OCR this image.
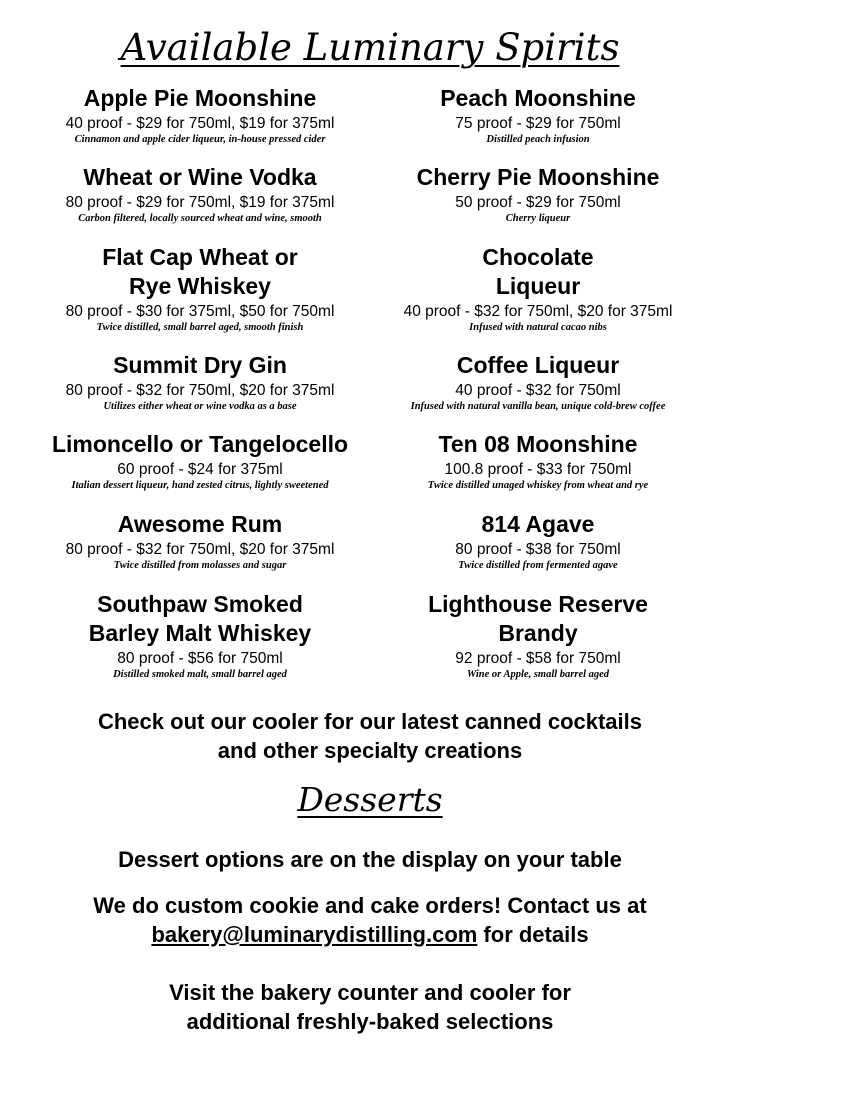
Available Luminary Spirits
Apple Pie Moonshine
40 proof - $29 for 750ml, $19 for 375ml
Cinnamon and apple cider liqueur, in-house pressed cider
Wheat or Wine Vodka
80 proof - $29 for 750ml, $19 for 375ml
Carbon filtered, locally sourced wheat and wine, smooth
Flat Cap Wheat or
Rye Whiskey
80 proof - $30 for 375ml, $50 for 750ml
Twice distilled, small barrel aged, smooth finish
Summit Dry Gin
80 proof - $32 for 750ml, $20 for 375ml
Utilizes either wheat or wine vodka as a base
Limoncello or Tangelocello
60 proof - $24 for 375ml
Italian dessert liqueur, hand zested citrus, lightly sweetened
Awesome Rum
80 proof - $32 for 750ml, $20 for 375ml
Twice distilled from molasses and sugar
Southpaw Smoked
Barley Malt Whiskey
80 proof - $56 for 750ml
Distilled smoked malt, small barrel aged
Peach Moonshine
75 proof - $29 for 750ml
Distilled peach infusion
Cherry Pie Moonshine
50 proof - $29 for 750ml
Cherry liqueur
Chocolate
Liqueur
40 proof - $32 for 750ml, $20 for 375ml
Infused with natural cacao nibs
Coffee Liqueur
40 proof - $32 for 750ml
Infused with natural vanilla bean, unique cold-brew coffee
Ten 08 Moonshine
100.8 proof - $33 for 750ml
Twice distilled unaged whiskey from wheat and rye
814 Agave
80 proof - $38 for 750ml
Twice distilled from fermented agave
Lighthouse Reserve
Brandy
92 proof - $58 for 750ml
Wine or Apple, small barrel aged
Check out our cooler for our latest canned cocktails
and other specialty creations
Desserts
Dessert options are on the display on your table
We do custom cookie and cake orders! Contact us at
bakery@luminarydistilling.com for details
Visit the bakery counter and cooler for
additional freshly-baked selections
